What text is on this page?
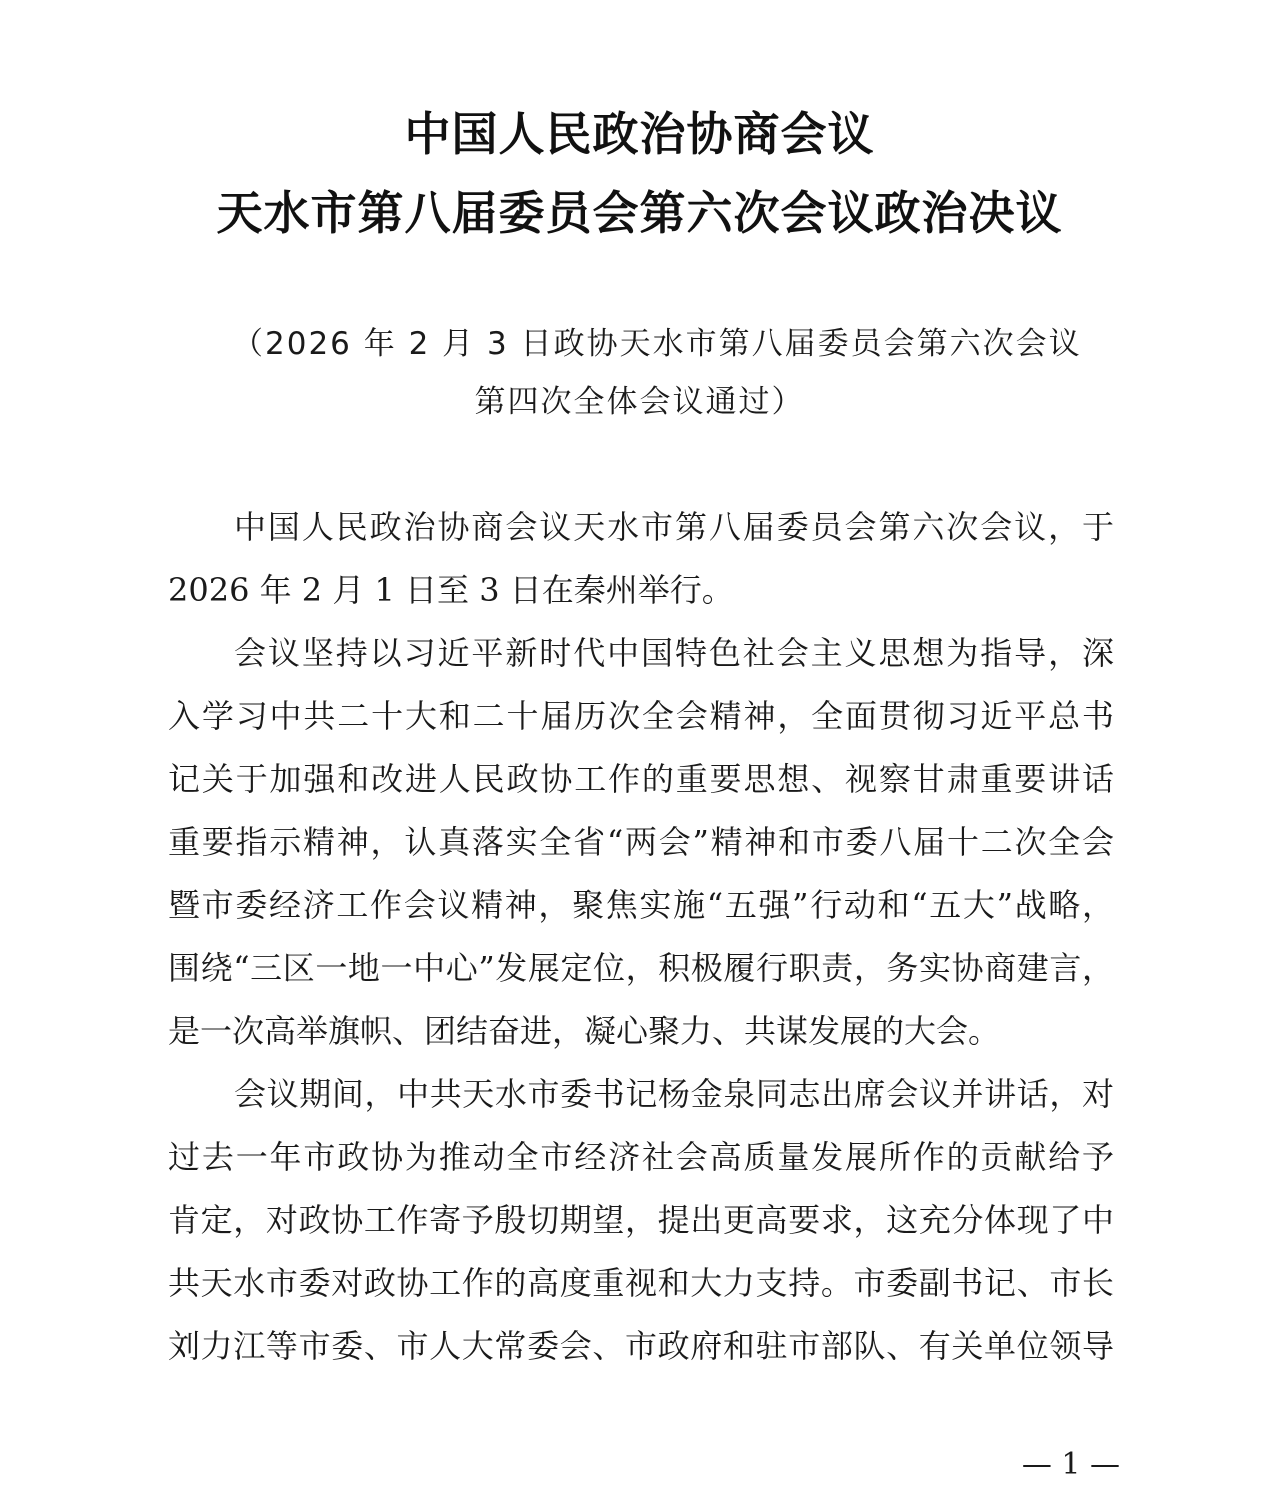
中国人民政治协商会议
天水市第八届委员会第六次会议政治决议
（2026 年 2 月 3 日政协天水市第八届委员会第六次会议
第四次全体会议通过）
中国人民政治协商会议天水市第八届委员会第六次会议，于
2026 年 2 月 1 日至 3 日在秦州举行。
会议坚持以习近平新时代中国特色社会主义思想为指导，深
入学习中共二十大和二十届历次全会精神，全面贯彻习近平总书
记关于加强和改进人民政协工作的重要思想、视察甘肃重要讲话
重要指示精神，认真落实全省“两会”精神和市委八届十二次全会
暨市委经济工作会议精神，聚焦实施“五强”行动和“五大”战略，
围绕“三区一地一中心”发展定位，积极履行职责，务实协商建言，
是一次高举旗帜、团结奋进，凝心聚力、共谋发展的大会。
会议期间，中共天水市委书记杨金泉同志出席会议并讲话，对
过去一年市政协为推动全市经济社会高质量发展所作的贡献给予
肯定，对政协工作寄予殷切期望，提出更高要求，这充分体现了中
共天水市委对政协工作的高度重视和大力支持。市委副书记、市长
刘力江等市委、市人大常委会、市政府和驻市部队、有关单位领导
— 1 —
